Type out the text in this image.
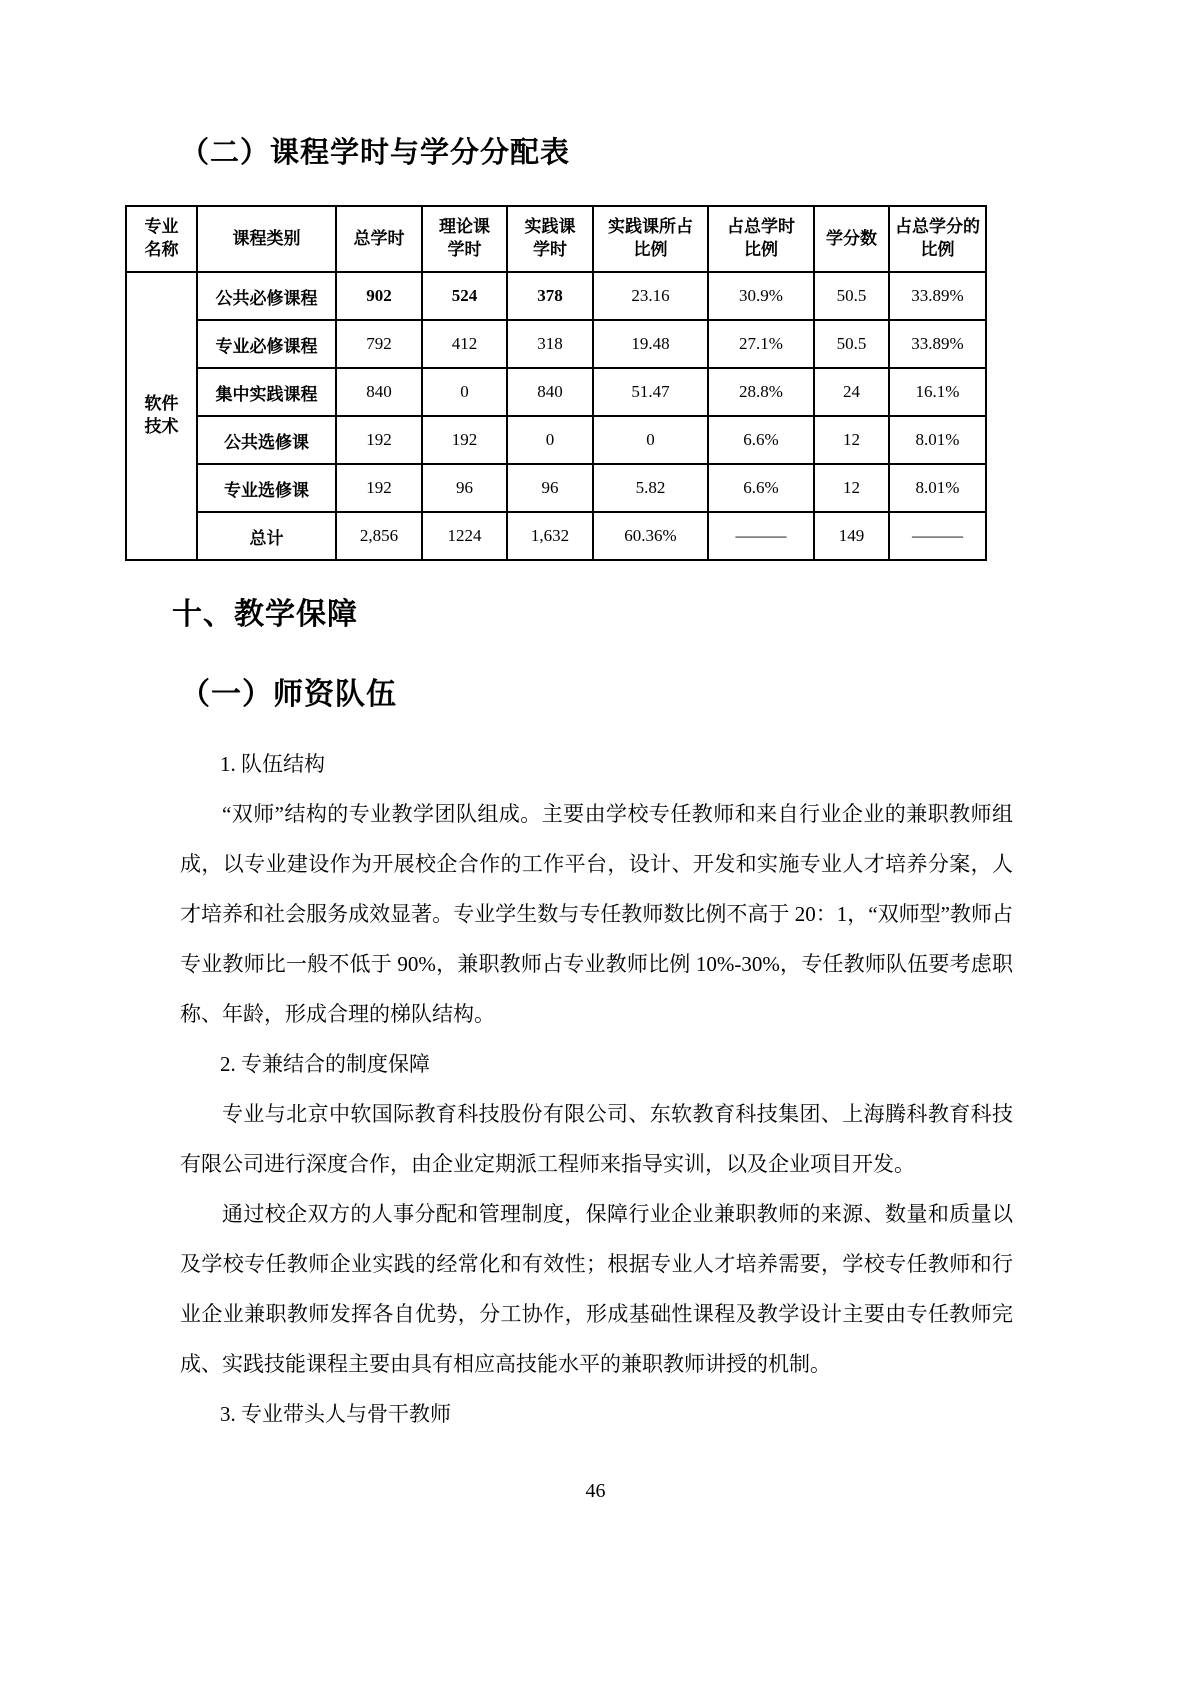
（二）课程学时与学分分配表
专业名称	课程类别	总学时	理论课学时	实践课学时	实践课所占比例	占总学时比例	学分数	占总学分的比例
软件技术	公共必修课程	902	524	378	23.16	30.9%	50.5	33.89%
	专业必修课程	792	412	318	19.48	27.1%	50.5	33.89%
	集中实践课程	840	0	840	51.47	28.8%	24	16.1%
	公共选修课	192	192	0	0	6.6%	12	8.01%
	专业选修课	192	96	96	5.82	6.6%	12	8.01%
	总计	2,856	1224	1,632	60.36%	———	149	———
十、教学保障
（一）师资队伍

1. 队伍结构

“双师”结构的专业教学团队组成。主要由学校专任教师和来自行业企业的兼职教师组成，以专业建设作为开展校企合作的工作平台，设计、开发和实施专业人才培养分案，人才培养和社会服务成效显著。专业学生数与专任教师数比例不高于 20：1，“双师型”教师占专业教师比一般不低于 90%，兼职教师占专业教师比例 10%-30%，专任教师队伍要考虑职称、年龄，形成合理的梯队结构。

2. 专兼结合的制度保障

专业与北京中软国际教育科技股份有限公司、东软教育科技集团、上海腾科教育科技有限公司进行深度合作，由企业定期派工程师来指导实训，以及企业项目开发。

通过校企双方的人事分配和管理制度，保障行业企业兼职教师的来源、数量和质量以及学校专任教师企业实践的经常化和有效性；根据专业人才培养需要，学校专任教师和行业企业兼职教师发挥各自优势，分工协作，形成基础性课程及教学设计主要由专任教师完成、实践技能课程主要由具有相应高技能水平的兼职教师讲授的机制。

3. 专业带头人与骨干教师

46
